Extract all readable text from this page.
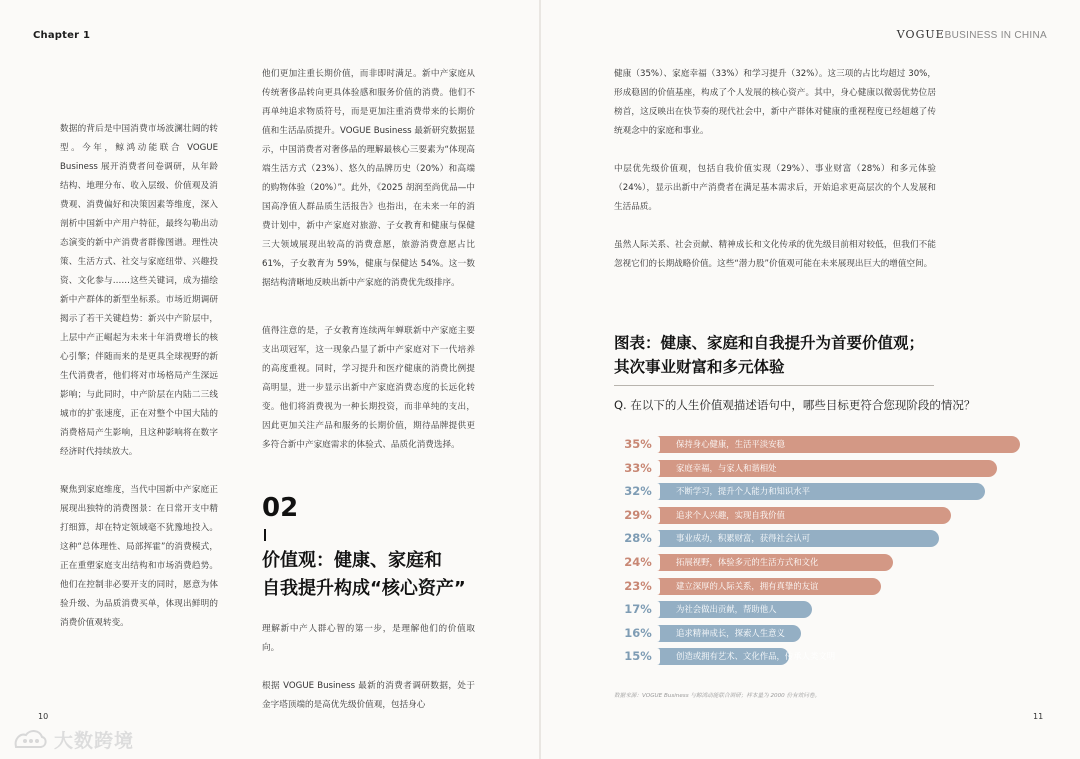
Chapter 1

数据的背后是中国消费市场波澜壮阔的转型。今年，鲸鸿动能联合 VOGUE Business 展开消费者问卷调研，从年龄结构、地理分布、收入层级、价值观及消费观、消费偏好和决策因素等维度，深入剖析中国新中产用户特征，最终勾勒出动态演变的新中产消费者群像图谱。理性决策、生活方式、社交与家庭纽带、兴趣投资、文化参与……这些关键词，成为描绘新中产群体的新型坐标系。市场近期调研揭示了若干关键趋势：新兴中产阶层中，上层中产正崛起为未来十年消费增长的核心引擎；伴随而来的是更具全球视野的新生代消费者，他们将对市场格局产生深远影响；与此同时，中产阶层在内陆二三线城市的扩张速度，正在对整个中国大陆的消费格局产生影响，且这种影响将在数字经济时代持续放大。

聚焦到家庭维度，当代中国新中产家庭正展现出独特的消费图景：在日常开支中精打细算，却在特定领域毫不犹豫地投入。这种“总体理性、局部挥霍”的消费模式，正在重塑家庭支出结构和市场消费趋势。他们在控制非必要开支的同时，愿意为体验升级、为品质消费买单，体现出鲜明的消费价值观转变。

他们更加注重长期价值，而非即时满足。新中产家庭从传统奢侈品转向更具体验感和服务价值的消费。他们不再单纯追求物质符号，而是更加注重消费带来的长期价值和生活品质提升。VOGUE Business 最新研究数据显示，中国消费者对奢侈品的理解最核心三要素为“体现高端生活方式（23%）、悠久的品牌历史（20%）和高端的购物体验（20%）”。此外，《2025 胡润至尚优品—中国高净值人群品质生活报告》也指出，在未来一年的消费计划中，新中产家庭对旅游、子女教育和健康与保健三大领域展现出较高的消费意愿，旅游消费意愿占比 61%，子女教育为 59%，健康与保健达 54%。这一数据结构清晰地反映出新中产家庭的消费优先级排序。

值得注意的是，子女教育连续两年蝉联新中产家庭主要支出项冠军，这一现象凸显了新中产家庭对下一代培养的高度重视。同时，学习提升和医疗健康的消费比例提高明显，进一步显示出新中产家庭消费态度的长远化转变。他们将消费视为一种长期投资，而非单纯的支出，因此更加关注产品和服务的长期价值，期待品牌提供更多符合新中产家庭需求的体验式、品质化消费选择。

02
价值观：健康、家庭和
自我提升构成“核心资产”

理解新中产人群心智的第一步，是理解他们的价值取向。

根据 VOGUE Business 最新的消费者调研数据，处于金字塔顶端的是高优先级价值观，包括身心

10
VOGUEBUSINESS IN CHINA

健康（35%）、家庭幸福（33%）和学习提升（32%）。这三项的占比均超过 30%，形成稳固的价值基座，构成了个人发展的核心资产。其中，身心健康以微弱优势位居榜首，这反映出在快节奏的现代社会中，新中产群体对健康的重视程度已经超越了传统观念中的家庭和事业。

中层优先级价值观，包括自我价值实现（29%）、事业财富（28%）和多元体验（24%），显示出新中产消费者在满足基本需求后，开始追求更高层次的个人发展和生活品质。

虽然人际关系、社会贡献、精神成长和文化传承的优先级目前相对较低，但我们不能忽视它们的长期战略价值。这些“潜力股”价值观可能在未来展现出巨大的增值空间。

图表：健康、家庭和自我提升为首要价值观；
其次事业财富和多元体验
Q. 在以下的人生价值观描述语句中，哪些目标更符合您现阶段的情况？
35%	保持身心健康，生活平淡安稳
33%	家庭幸福，与家人和谐相处
32%	不断学习，提升个人能力和知识水平
29%	追求个人兴趣，实现自我价值
28%	事业成功，积累财富，获得社会认可
24%	拓展视野，体验多元的生活方式和文化
23%	建立深厚的人际关系，拥有真挚的友谊
17%	为社会做出贡献，帮助他人
16%	追求精神成长，探索人生意义
15%	创造或拥有艺术、文化作品，传承人类文明
数据来源：VOGUE Business 与鲸鸿动能联合调研；样本量为 2000 份有效问卷。
11
大数跨境
